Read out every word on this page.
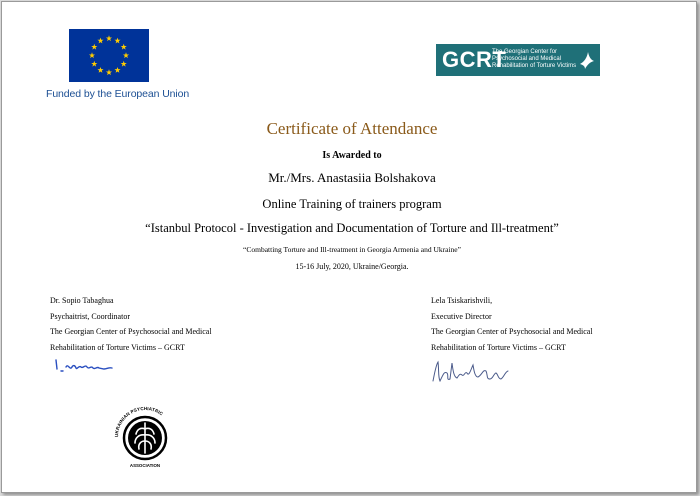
Funded by the European Union
GCRT
The Georgian Center for
Psychosocial and Medical
Rehabilitation of Torture Victims
Certificate of Attendance
Is Awarded to
Mr./Mrs. Anastasiia Bolshakova
Online Training of trainers program
“Istanbul Protocol - Investigation and Documentation of Torture and Ill-treatment”
“Combatting Torture and Ill-treatment in Georgia Armenia and Ukraine”
15-16 July, 2020, Ukraine/Georgia.
Dr. Sopio Tabaghua
Psychaitrist, Coordinator
The Georgian Center of Psychosocial and Medical
Rehabilitation of Torture Victims – GCRT
Lela Tsiskarishvili,
Executive Director
The Georgian Center of Psychosocial and Medical
Rehabilitation of Torture Victims – GCRT
UKRAINIAN PSYCHIATRIC
ASSOCIATION
